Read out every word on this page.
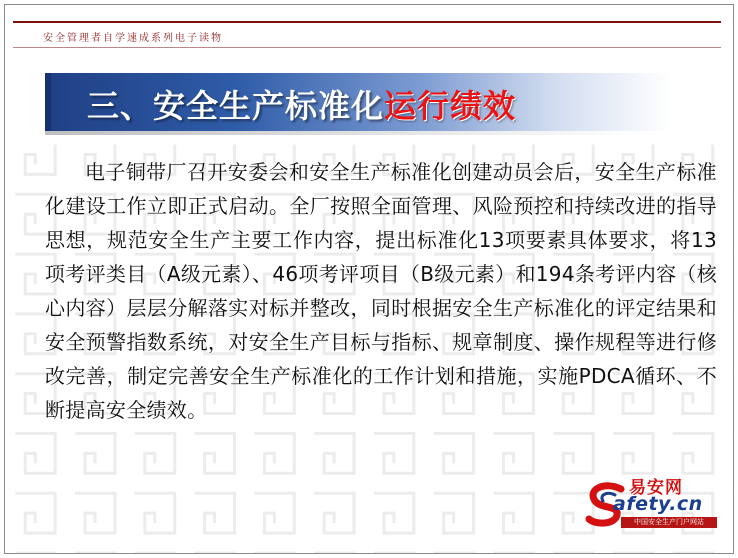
安全管理者自学速成系列电子读物
三、安全生产标准化运行绩效
电子铜带厂召开安委会和安全生产标准化创建动员会后，安全生产标准化建设工作立即正式启动。全厂按照全面管理、风险预控和持续改进的指导思想，规范安全生产主要工作内容，提出标准化13项要素具体要求，将13项考评类目（A级元素）、46项考评项目（B级元素）和194条考评内容（核心内容）层层分解落实对标并整改，同时根据安全生产标准化的评定结果和安全预警指数系统，对安全生产目标与指标、规章制度、操作规程等进行修改完善，制定完善安全生产标准化的工作计划和措施，实施PDCA循环、不断提高安全绩效。
易安网
afety.cn
中国安全生产门户网站
